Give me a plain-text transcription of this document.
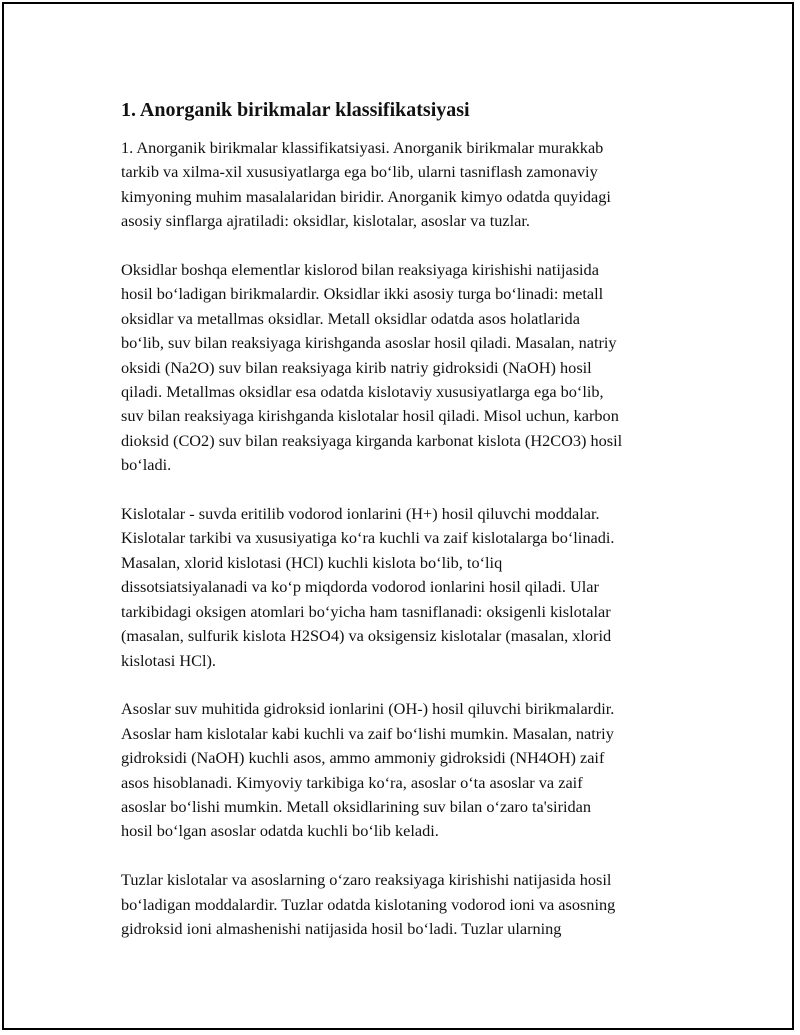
1. Anorganik birikmalar klassifikatsiyasi

1. Anorganik birikmalar klassifikatsiyasi. Anorganik birikmalar murakkab
tarkib va xilma-xil xususiyatlarga ega bo‘lib, ularni tasniflash zamonaviy
kimyoning muhim masalalaridan biridir. Anorganik kimyo odatda quyidagi
asosiy sinflarga ajratiladi: oksidlar, kislotalar, asoslar va tuzlar.

Oksidlar boshqa elementlar kislorod bilan reaksiyaga kirishishi natijasida
hosil bo‘ladigan birikmalardir. Oksidlar ikki asosiy turga bo‘linadi: metall
oksidlar va metallmas oksidlar. Metall oksidlar odatda asos holatlarida
bo‘lib, suv bilan reaksiyaga kirishganda asoslar hosil qiladi. Masalan, natriy
oksidi (Na2O) suv bilan reaksiyaga kirib natriy gidroksidi (NaOH) hosil
qiladi. Metallmas oksidlar esa odatda kislotaviy xususiyatlarga ega bo‘lib,
suv bilan reaksiyaga kirishganda kislotalar hosil qiladi. Misol uchun, karbon
dioksid (CO2) suv bilan reaksiyaga kirganda karbonat kislota (H2CO3) hosil
bo‘ladi.

Kislotalar - suvda eritilib vodorod ionlarini (H+) hosil qiluvchi moddalar.
Kislotalar tarkibi va xususiyatiga ko‘ra kuchli va zaif kislotalarga bo‘linadi.
Masalan, xlorid kislotasi (HCl) kuchli kislota bo‘lib, to‘liq
dissotsiatsiyalanadi va ko‘p miqdorda vodorod ionlarini hosil qiladi. Ular
tarkibidagi oksigen atomlari bo‘yicha ham tasniflanadi: oksigenli kislotalar
(masalan, sulfurik kislota H2SO4) va oksigensiz kislotalar (masalan, xlorid
kislotasi HCl).

Asoslar suv muhitida gidroksid ionlarini (OH-) hosil qiluvchi birikmalardir.
Asoslar ham kislotalar kabi kuchli va zaif bo‘lishi mumkin. Masalan, natriy
gidroksidi (NaOH) kuchli asos, ammo ammoniy gidroksidi (NH4OH) zaif
asos hisoblanadi. Kimyoviy tarkibiga ko‘ra, asoslar o‘ta asoslar va zaif
asoslar bo‘lishi mumkin. Metall oksidlarining suv bilan o‘zaro ta'siridan
hosil bo‘lgan asoslar odatda kuchli bo‘lib keladi.

Tuzlar kislotalar va asoslarning o‘zaro reaksiyaga kirishishi natijasida hosil
bo‘ladigan moddalardir. Tuzlar odatda kislotaning vodorod ioni va asosning
gidroksid ioni almashenishi natijasida hosil bo‘ladi. Tuzlar ularning
